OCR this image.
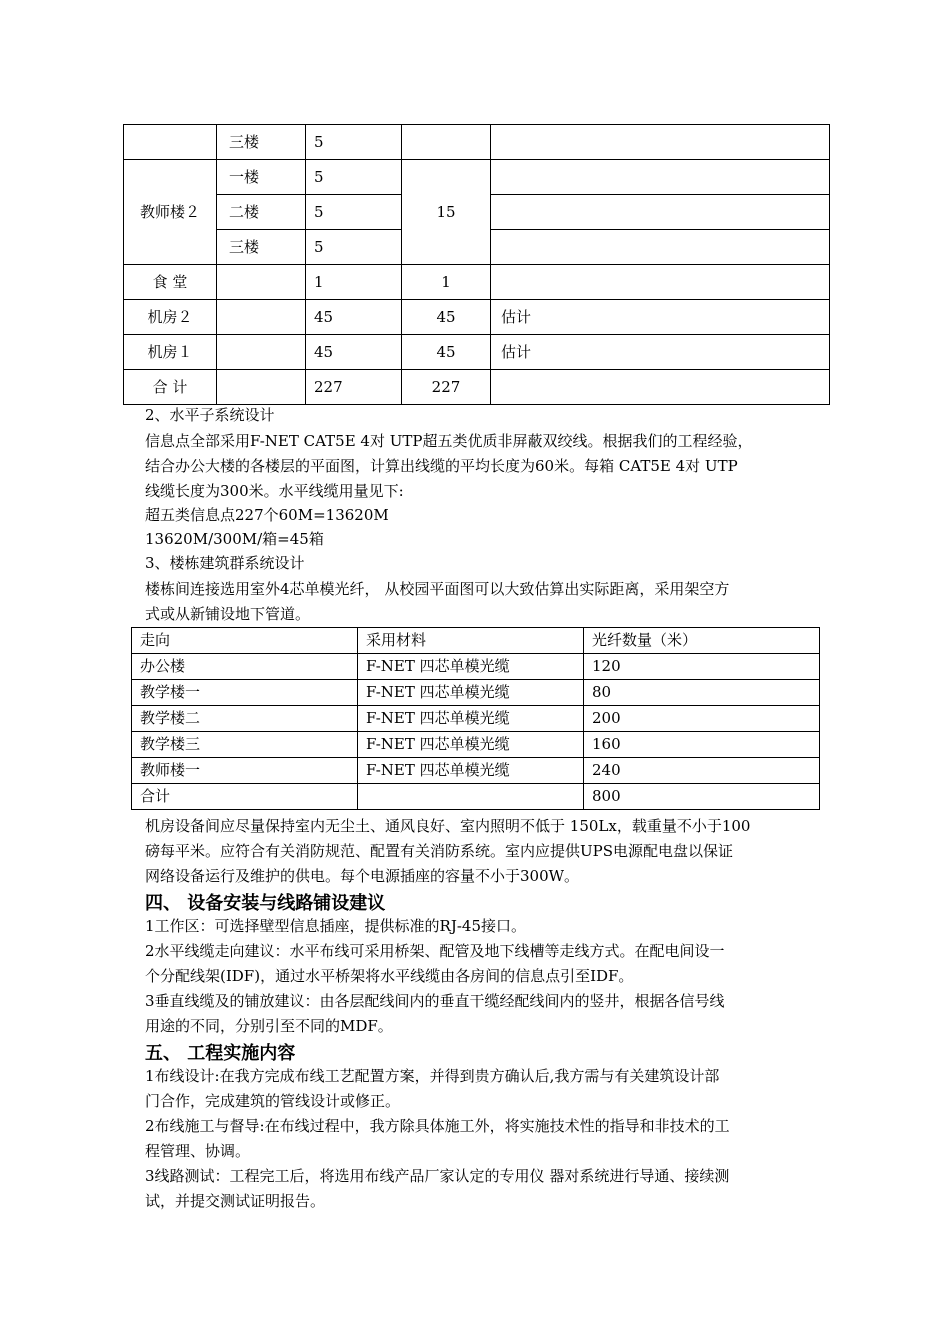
	三楼	5		
教师楼２	一楼	5	15	
	二楼	5		
	三楼	5		
食 堂		1	1	
机房２		45	45	估计
机房１		45	45	估计
合 计		227	227	
2、水平子系统设计
信息点全部采用F-NET CAT5E 4对 UTP超五类优质非屏蔽双绞线。根据我们的工程经验，
结合办公大楼的各楼层的平面图，计算出线缆的平均长度为60米。每箱 CAT5E 4对 UTP
线缆长度为300米。水平线缆用量见下:
超五类信息点227个60M=13620M
13620M/300M/箱=45箱
3、楼栋建筑群系统设计
楼栋间连接选用室外4芯单模光纤， 从校园平面图可以大致估算出实际距离，采用架空方
式或从新铺设地下管道。
走向	采用材料	光纤数量（米）
办公楼	F-NET 四芯单模光缆	120
教学楼一	F-NET 四芯单模光缆	80
教学楼二	F-NET 四芯单模光缆	200
教学楼三	F-NET 四芯单模光缆	160
教师楼一	F-NET 四芯单模光缆	240
合计		800
机房设备间应尽量保持室内无尘土、通风良好、室内照明不低于 150Lx，载重量不小于100
磅每平米。应符合有关消防规范、配置有关消防系统。室内应提供UPS电源配电盘以保证
网络设备运行及维护的供电。每个电源插座的容量不小于300W。
四、 设备安装与线路铺设建议
1工作区：可选择壁型信息插座，提供标准的RJ-45接口。
2水平线缆走向建议：水平布线可采用桥架、配管及地下线槽等走线方式。在配电间设一
个分配线架(IDF)，通过水平桥架将水平线缆由各房间的信息点引至IDF。
3垂直线缆及的铺放建议：由各层配线间内的垂直干缆经配线间内的竖井，根据各信号线
用途的不同，分别引至不同的MDF。
五、 工程实施内容
1布线设计:在我方完成布线工艺配置方案，并得到贵方确认后,我方需与有关建筑设计部
门合作，完成建筑的管线设计或修正。
2布线施工与督导:在布线过程中，我方除具体施工外，将实施技术性的指导和非技术的工
程管理、协调。
3线路测试：工程完工后，将选用布线产品厂家认定的专用仪 器对系统进行导通、接续测
试，并提交测试证明报告。
